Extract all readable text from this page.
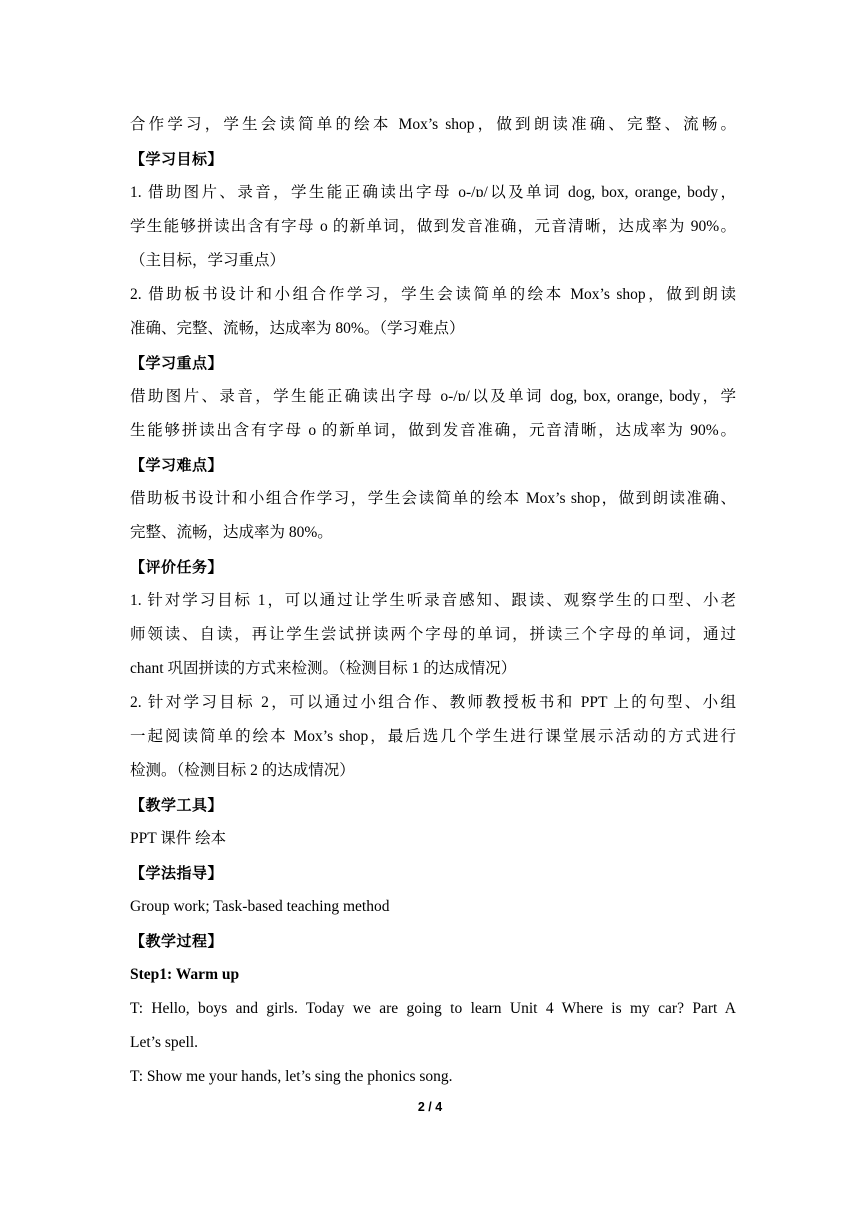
合作学习，学生会读简单的绘本 Mox’s shop，做到朗读准确、完整、流畅。
【学习目标】
1. 借助图片、录音，学生能正确读出字母 o-/ɒ/以及单词 dog, box, orange, body，
学生能够拼读出含有字母 o 的新单词，做到发音准确，元音清晰，达成率为 90%。
（主目标，学习重点）
2. 借助板书设计和小组合作学习，学生会读简单的绘本 Mox’s shop，做到朗读
准确、完整、流畅，达成率为 80%。（学习难点）
【学习重点】
借助图片、录音，学生能正确读出字母 o-/ɒ/以及单词 dog, box, orange, body，学
生能够拼读出含有字母 o 的新单词，做到发音准确，元音清晰，达成率为 90%。
【学习难点】
借助板书设计和小组合作学习，学生会读简单的绘本 Mox’s shop，做到朗读准确、
完整、流畅，达成率为 80%。
【评价任务】
1. 针对学习目标 1，可以通过让学生听录音感知、跟读、观察学生的口型、小老
师领读、自读，再让学生尝试拼读两个字母的单词，拼读三个字母的单词，通过
chant 巩固拼读的方式来检测。（检测目标 1 的达成情况）
2. 针对学习目标 2，可以通过小组合作、教师教授板书和 PPT 上的句型、小组
一起阅读简单的绘本 Mox’s shop，最后选几个学生进行课堂展示活动的方式进行
检测。（检测目标 2 的达成情况）
【教学工具】
PPT 课件 绘本
【学法指导】
Group work; Task-based teaching method
【教学过程】
Step1: Warm up
T: Hello, boys and girls. Today we are going to learn Unit 4 Where is my car? Part A
Let’s spell.
T: Show me your hands, let’s sing the phonics song.
2 / 4
